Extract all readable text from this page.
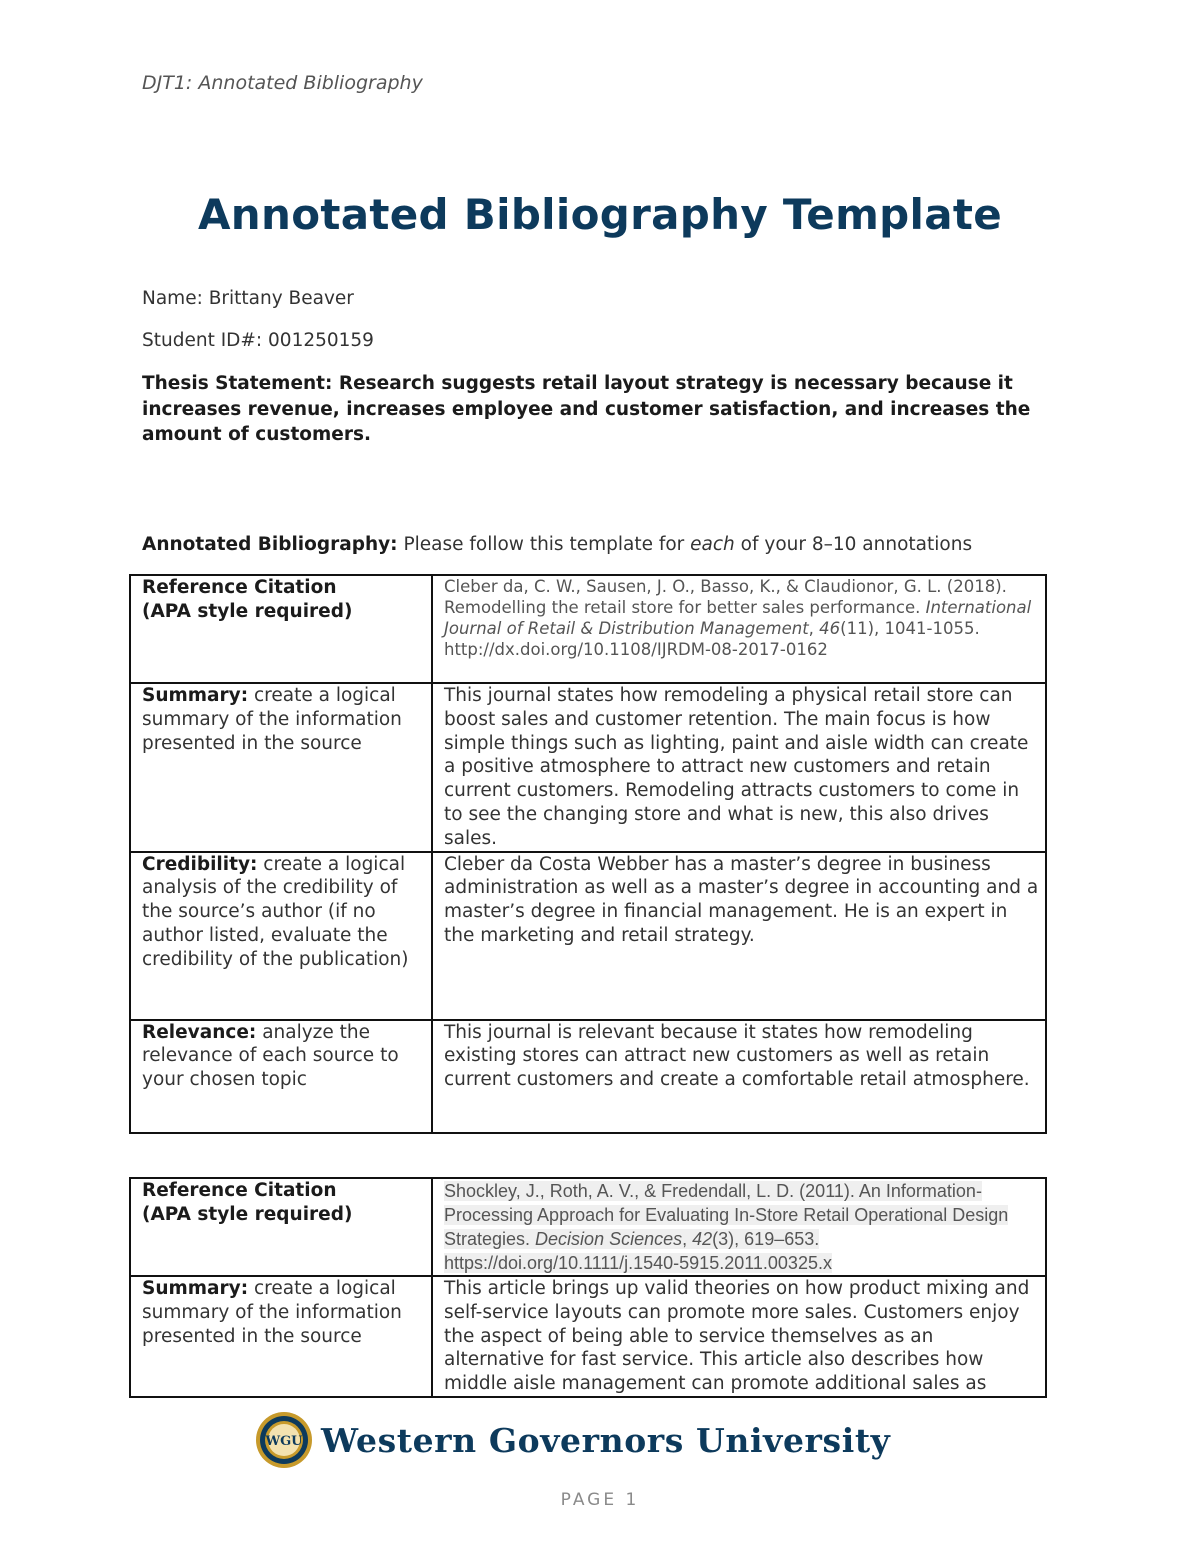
DJT1: Annotated Bibliography
Annotated Bibliography Template
Name: Brittany Beaver
Student ID#: 001250159
Thesis Statement: Research suggests retail layout strategy is necessary because it increases revenue, increases employee and customer satisfaction, and increases the amount of customers.
Annotated Bibliography: Please follow this template for each of your 8–10 annotations
Reference Citation
(APA style required)	Cleber da, C. W., Sausen, J. O., Basso, K., & Claudionor, G. L. (2018). Remodelling the retail store for better sales performance. International Journal of Retail & Distribution Management, 46(11), 1041-1055.
http://dx.doi.org/10.1108/IJRDM-08-2017-0162
Summary: create a logical summary of the information presented in the source	This journal states how remodeling a physical retail store can boost sales and customer retention. The main focus is how simple things such as lighting, paint and aisle width can create a positive atmosphere to attract new customers and retain current customers. Remodeling attracts customers to come in to see the changing store and what is new, this also drives sales.
Credibility: create a logical analysis of the credibility of the source’s author (if no author listed, evaluate the credibility of the publication)	Cleber da Costa Webber has a master’s degree in business administration as well as a master’s degree in accounting and a master’s degree in financial management. He is an expert in the marketing and retail strategy.
Relevance: analyze the relevance of each source to your chosen topic	This journal is relevant because it states how remodeling existing stores can attract new customers as well as retain current customers and create a comfortable retail atmosphere.
Reference Citation
(APA style required)	Shockley, J., Roth, A. V., & Fredendall, L. D. (2011). An Information-Processing Approach for Evaluating In-Store Retail Operational Design Strategies. Decision Sciences, 42(3), 619–653.
https://doi.org/10.1111/j.1540-5915.2011.00325.x
Summary: create a logical summary of the information presented in the source	This article brings up valid theories on how product mixing and self-service layouts can promote more sales. Customers enjoy the aspect of being able to service themselves as an alternative for fast service. This article also describes how middle aisle management can promote additional sales as
WGU Western Governors University
PAGE 1
